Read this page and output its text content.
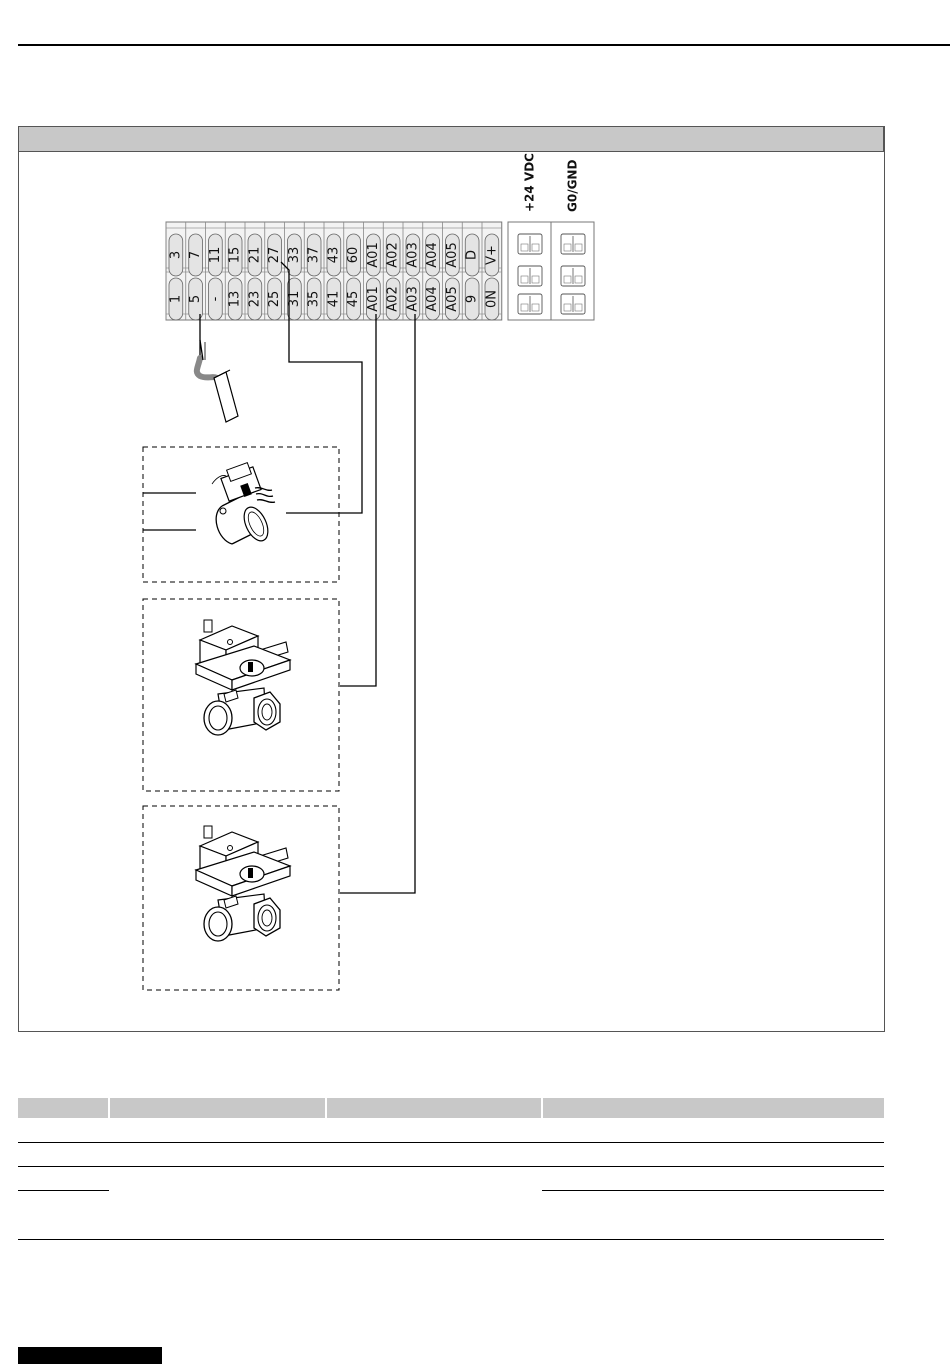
3
1
7
5
11
-
15
13
21
23
27
25
33
31
37
35
43
41
60
45
A01
A01
A02
A02
A03
A03
A04
A04
A05
A05
D
9
V+
0N
+24 VDC G0/GND
